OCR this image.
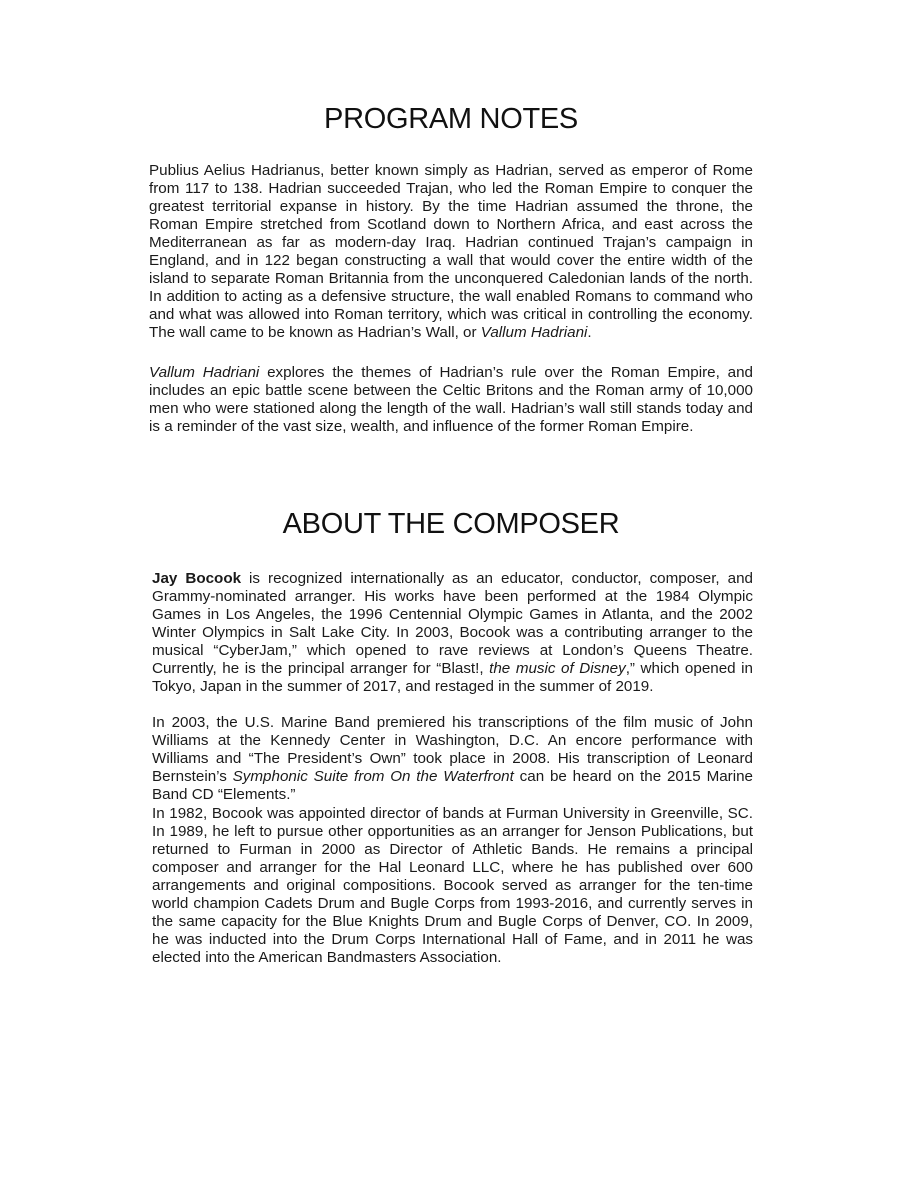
PROGRAM NOTES

Publius Aelius Hadrianus, better known simply as Hadrian, served as emperor of Rome from 117 to 138. Hadrian succeeded Trajan, who led the Roman Empire to conquer the greatest territorial expanse in history. By the time Hadrian assumed the throne, the Roman Empire stretched from Scotland down to Northern Africa, and east across the Mediterranean as far as modern-day Iraq. Hadrian continued Trajan’s campaign in England, and in 122 began constructing a wall that would cover the entire width of the island to separate Roman Britannia from the unconquered Caledonian lands of the north. In addition to acting as a defensive structure, the wall enabled Romans to command who and what was allowed into Roman territory, which was critical in controlling the economy. The wall came to be known as Hadrian’s Wall, or Vallum Hadriani.

Vallum Hadriani explores the themes of Hadrian’s rule over the Roman Empire, and includes an epic battle scene between the Celtic Britons and the Roman army of 10,000 men who were stationed along the length of the wall. Hadrian’s wall still stands today and is a reminder of the vast size, wealth, and influence of the former Roman Empire.

ABOUT THE COMPOSER

Jay Bocook is recognized internationally as an educator, conductor, composer, and Grammy-nominated arranger. His works have been performed at the 1984 Olympic Games in Los Angeles, the 1996 Centennial Olympic Games in Atlanta, and the 2002 Winter Olympics in Salt Lake City. In 2003, Bocook was a contributing arranger to the musical “CyberJam,” which opened to rave reviews at London’s Queens Theatre. Currently, he is the principal arranger for “Blast!, the music of Disney,” which opened in Tokyo, Japan in the summer of 2017, and restaged in the summer of 2019.

In 2003, the U.S. Marine Band premiered his transcriptions of the film music of John Williams at the Kennedy Center in Washington, D.C. An encore performance with Williams and “The President’s Own” took place in 2008. His transcription of Leonard Bernstein’s Symphonic Suite from On the Waterfront can be heard on the 2015 Marine Band CD “Elements.”

In 1982, Bocook was appointed director of bands at Furman University in Greenville, SC. In 1989, he left to pursue other opportunities as an arranger for Jenson Publications, but returned to Furman in 2000 as Director of Athletic Bands. He remains a principal composer and arranger for the Hal Leonard LLC, where he has published over 600 arrangements and original compositions. Bocook served as arranger for the ten-time world champion Cadets Drum and Bugle Corps from 1993-2016, and currently serves in the same capacity for the Blue Knights Drum and Bugle Corps of Denver, CO. In 2009, he was inducted into the Drum Corps International Hall of Fame, and in 2011 he was elected into the American Bandmasters Association.
